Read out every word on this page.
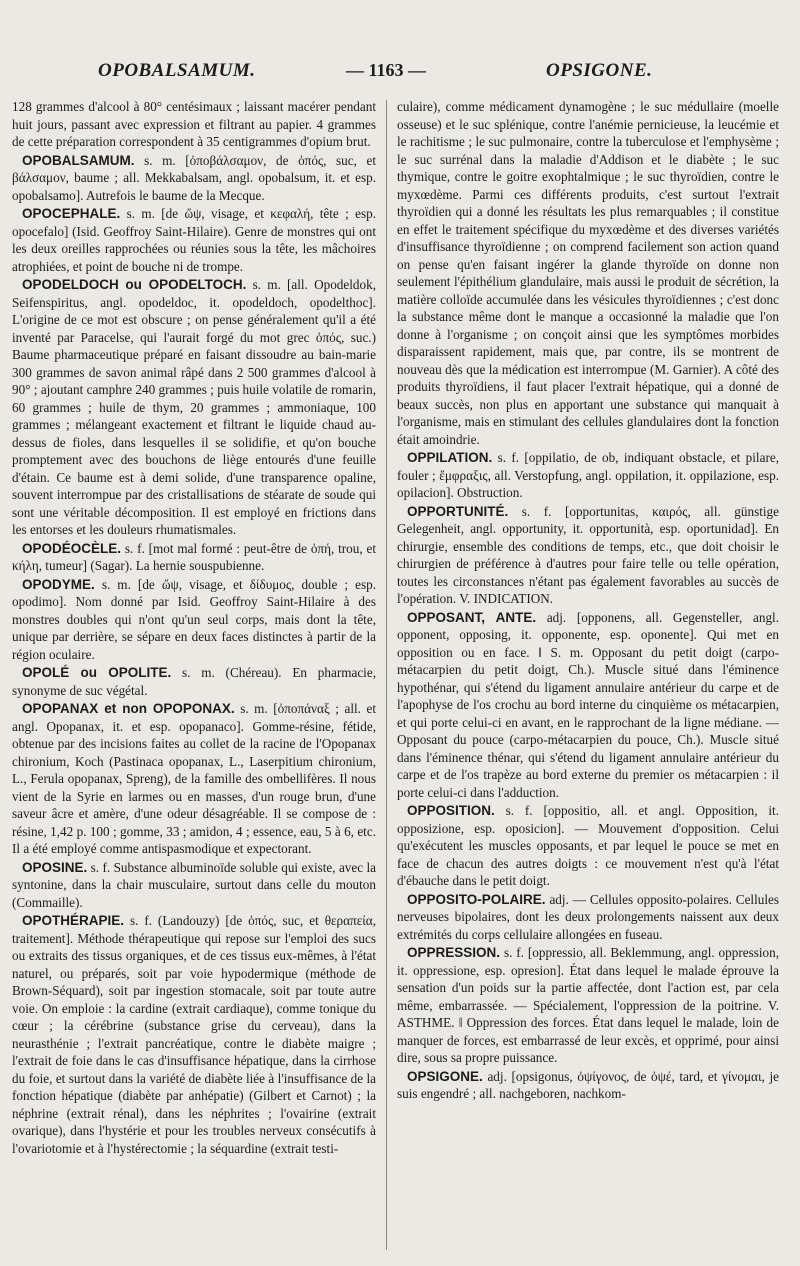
OPOBALSAMUM.	— 1163 —	OPSIGONE.

128 grammes d'alcool à 80° centésimaux ; laissant macérer pendant huit jours, passant avec expression et filtrant au papier. 4 grammes de cette préparation correspondent à 35 centigrammes d'opium brut.

OPOBALSAMUM. s. m. [ὀποβάλσαμον, de ὀπός, suc, et βάλσαμον, baume ; all. Mekkabalsam, angl. opobalsum, it. et esp. opobalsamo]. Autrefois le baume de la Mecque.

OPOCEPHALE. s. m. [de ὤψ, visage, et κεφαλή, tête ; esp. opocefalo] (Isid. Geoffroy Saint-Hilaire). Genre de monstres qui ont les deux oreilles rapprochées ou réunies sous la tête, les mâchoires atrophiées, et point de bouche ni de trompe.

OPODELDOCH ou OPODELTOCH. s. m. [all. Opodeldok, Seifenspiritus, angl. opodeldoc, it. opodeldoch, opodelthoc]. L'origine de ce mot est obscure ; on pense généralement qu'il a été inventé par Paracelse, qui l'aurait forgé du mot grec ὀπός, suc.) Baume pharmaceutique préparé en faisant dissoudre au bain-marie 300 grammes de savon animal râpé dans 2 500 grammes d'alcool à 90° ; ajoutant camphre 240 grammes ; puis huile volatile de romarin, 60 grammes ; huile de thym, 20 grammes ; ammoniaque, 100 grammes ; mélangeant exactement et filtrant le liquide chaud au-dessus de fioles, dans lesquelles il se solidifie, et qu'on bouche promptement avec des bouchons de liège entourés d'une feuille d'étain. Ce baume est à demi solide, d'une transparence opaline, souvent interrompue par des cristallisations de stéarate de soude qui sont une véritable décomposition. Il est employé en frictions dans les entorses et les douleurs rhumatismales.

OPODÉOCÈLE. s. f. [mot mal formé : peut-être de ὀπή, trou, et κήλη, tumeur] (Sagar). La hernie souspubienne.

OPODYME. s. m. [de ὤψ, visage, et δίδυμος, double ; esp. opodimo]. Nom donné par Isid. Geoffroy Saint-Hilaire à des monstres doubles qui n'ont qu'un seul corps, mais dont la tête, unique par derrière, se sépare en deux faces distinctes à partir de la région oculaire.

OPOLÉ ou OPOLITE. s. m. (Chéreau). En pharmacie, synonyme de suc végétal.

OPOPANAX et non OPOPONAX. s. m. [ὀποπάναξ ; all. et angl. Opopanax, it. et esp. opopanaco]. Gomme-résine, fétide, obtenue par des incisions faites au collet de la racine de l'Opopanax chironium, Koch (Pastinaca opopanax, L., Laserpitium chironium, L., Ferula opopanax, Spreng), de la famille des ombellifères. Il nous vient de la Syrie en larmes ou en masses, d'un rouge brun, d'une saveur âcre et amère, d'une odeur désagréable. Il se compose de : résine, 1,42 p. 100 ; gomme, 33 ; amidon, 4 ; essence, eau, 5 à 6, etc. Il a été employé comme antispasmodique et expectorant.

OPOSINE. s. f. Substance albuminoïde soluble qui existe, avec la syntonine, dans la chair musculaire, surtout dans celle du mouton (Commaille).

OPOTHÉRAPIE. s. f. (Landouzy) [de ὀπός, suc, et θεραπεία, traitement]. Méthode thérapeutique qui repose sur l'emploi des sucs ou extraits des tissus organiques, et de ces tissus eux-mêmes, à l'état naturel, ou préparés, soit par voie hypodermique (méthode de Brown-Séquard), soit par ingestion stomacale, soit par toute autre voie. On emploie : la cardine (extrait cardiaque), comme tonique du cœur ; la cérébrine (substance grise du cerveau), dans la neurasthénie ; l'extrait pancréatique, contre le diabète maigre ; l'extrait de foie dans le cas d'insuffisance hépatique, dans la cirrhose du foie, et surtout dans la variété de diabète liée à l'insuffisance de la fonction hépatique (diabète par anhépatie) (Gilbert et Carnot) ; la néphrine (extrait rénal), dans les néphrites ; l'ovairine (extrait ovarique), dans l'hystérie et pour les troubles nerveux consécutifs à l'ovariotomie et à l'hystérectomie ; la séquardine (extrait testi-

culaire), comme médicament dynamogène ; le suc médullaire (moelle osseuse) et le suc splénique, contre l'anémie pernicieuse, la leucémie et le rachitisme ; le suc pulmonaire, contre la tuberculose et l'emphysème ; le suc surrénal dans la maladie d'Addison et le diabète ; le suc thymique, contre le goitre exophtalmique ; le suc thyroïdien, contre le myxœdème. Parmi ces différents produits, c'est surtout l'extrait thyroïdien qui a donné les résultats les plus remarquables ; il constitue en effet le traitement spécifique du myxœdème et des diverses variétés d'insuffisance thyroïdienne ; on comprend facilement son action quand on pense qu'en faisant ingérer la glande thyroïde on donne non seulement l'épithélium glandulaire, mais aussi le produit de sécrétion, la matière colloïde accumulée dans les vésicules thyroïdiennes ; c'est donc la substance même dont le manque a occasionné la maladie que l'on donne à l'organisme ; on conçoit ainsi que les symptômes morbides disparaissent rapidement, mais que, par contre, ils se montrent de nouveau dès que la médication est interrompue (M. Garnier). A côté des produits thyroïdiens, il faut placer l'extrait hépatique, qui a donné de beaux succès, non plus en apportant une substance qui manquait à l'organisme, mais en stimulant des cellules glandulaires dont la fonction était amoindrie.

OPPILATION. s. f. [oppilatio, de ob, indiquant obstacle, et pilare, fouler ; ἔμφραξις, all. Verstopfung, angl. oppilation, it. oppilazione, esp. opilacion]. Obstruction.

OPPORTUNITÉ. s. f. [opportunitas, καιρός, all. günstige Gelegenheit, angl. opportunity, it. opportunità, esp. oportunidad]. En chirurgie, ensemble des conditions de temps, etc., que doit choisir le chirurgien de préférence à d'autres pour faire telle ou telle opération, toutes les circonstances n'étant pas également favorables au succès de l'opération. V. INDICATION.

OPPOSANT, ANTE. adj. [opponens, all. Gegensteller, angl. opponent, opposing, it. opponente, esp. oponente]. Qui met en opposition ou en face. ‖ S. m. Opposant du petit doigt (carpo-métacarpien du petit doigt, Ch.). Muscle situé dans l'éminence hypothénar, qui s'étend du ligament annulaire antérieur du carpe et de l'apophyse de l'os crochu au bord interne du cinquième os métacarpien, et qui porte celui-ci en avant, en le rapprochant de la ligne médiane. — Opposant du pouce (carpo-métacarpien du pouce, Ch.). Muscle situé dans l'éminence thénar, qui s'étend du ligament annulaire antérieur du carpe et de l'os trapèze au bord externe du premier os métacarpien : il porte celui-ci dans l'adduction.

OPPOSITION. s. f. [oppositio, all. et angl. Opposition, it. opposizione, esp. oposicion]. — Mouvement d'opposition. Celui qu'exécutent les muscles opposants, et par lequel le pouce se met en face de chacun des autres doigts : ce mouvement n'est qu'à l'état d'ébauche dans le petit doigt.

OPPOSITO-POLAIRE. adj. — Cellules opposito-polaires. Cellules nerveuses bipolaires, dont les deux prolongements naissent aux deux extrémités du corps cellulaire allongées en fuseau.

OPPRESSION. s. f. [oppressio, all. Beklemmung, angl. oppression, it. oppressione, esp. opresion]. État dans lequel le malade éprouve la sensation d'un poids sur la partie affectée, dont l'action est, par cela même, embarrassée. — Spécialement, l'oppression de la poitrine. V. ASTHME. ‖ Oppression des forces. État dans lequel le malade, loin de manquer de forces, est embarrassé de leur excès, et opprimé, pour ainsi dire, sous sa propre puissance.

OPSIGONE. adj. [opsigonus, ὀψίγονος, de ὀψέ, tard, et γίνομαι, je suis engendré ; all. nachgeboren, nachkom-
